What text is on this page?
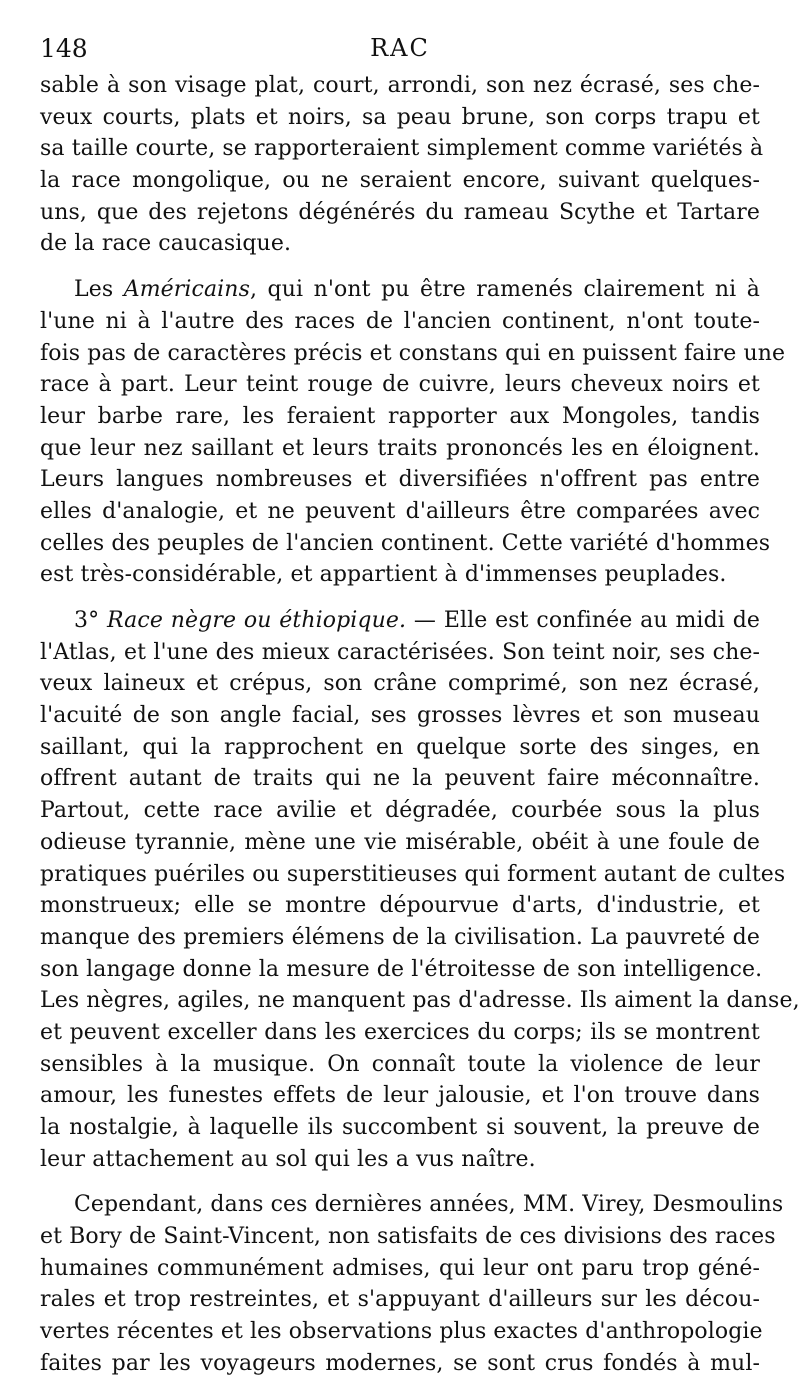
148	RAC
sable à son visage plat, court, arrondi, son nez écrasé, ses che-
veux courts, plats et noirs, sa peau brune, son corps trapu et
sa taille courte, se rapporteraient simplement comme variétés à
la race mongolique, ou ne seraient encore, suivant quelques-
uns, que des rejetons dégénérés du rameau Scythe et Tartare
de la race caucasique.
Les Américains, qui n'ont pu être ramenés clairement ni à
l'une ni à l'autre des races de l'ancien continent, n'ont toute-
fois pas de caractères précis et constans qui en puissent faire une
race à part. Leur teint rouge de cuivre, leurs cheveux noirs et
leur barbe rare, les feraient rapporter aux Mongoles, tandis
que leur nez saillant et leurs traits prononcés les en éloignent.
Leurs langues nombreuses et diversifiées n'offrent pas entre
elles d'analogie, et ne peuvent d'ailleurs être comparées avec
celles des peuples de l'ancien continent. Cette variété d'hommes
est très-considérable, et appartient à d'immenses peuplades.
3° Race nègre ou éthiopique. — Elle est confinée au midi de
l'Atlas, et l'une des mieux caractérisées. Son teint noir, ses che-
veux laineux et crépus, son crâne comprimé, son nez écrasé,
l'acuité de son angle facial, ses grosses lèvres et son museau
saillant, qui la rapprochent en quelque sorte des singes, en
offrent autant de traits qui ne la peuvent faire méconnaître.
Partout, cette race avilie et dégradée, courbée sous la plus
odieuse tyrannie, mène une vie misérable, obéit à une foule de
pratiques puériles ou superstitieuses qui forment autant de cultes
monstrueux; elle se montre dépourvue d'arts, d'industrie, et
manque des premiers élémens de la civilisation. La pauvreté de
son langage donne la mesure de l'étroitesse de son intelligence.
Les nègres, agiles, ne manquent pas d'adresse. Ils aiment la danse,
et peuvent exceller dans les exercices du corps; ils se montrent
sensibles à la musique. On connaît toute la violence de leur
amour, les funestes effets de leur jalousie, et l'on trouve dans
la nostalgie, à laquelle ils succombent si souvent, la preuve de
leur attachement au sol qui les a vus naître.
Cependant, dans ces dernières années, MM. Virey, Desmoulins
et Bory de Saint-Vincent, non satisfaits de ces divisions des races
humaines communément admises, qui leur ont paru trop géné-
rales et trop restreintes, et s'appuyant d'ailleurs sur les décou-
vertes récentes et les observations plus exactes d'anthropologie
faites par les voyageurs modernes, se sont crus fondés à mul-
